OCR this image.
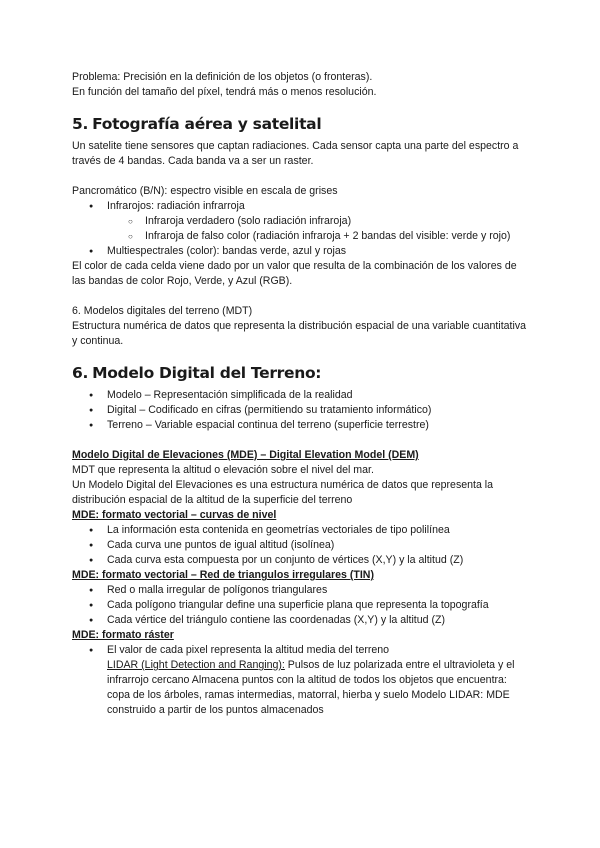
Problema: Precisión en la definición de los objetos (o fronteras).

En función del tamaño del píxel, tendrá más o menos resolución.

5. Fotografía aérea y satelital

Un satelite tiene sensores que captan radiaciones. Cada sensor capta una parte del espectro a través de 4 bandas. Cada banda va a ser un raster.

Pancromático (B/N): espectro visible en escala de grises

● Infrarojos: radiación infrarroja
○ Infraroja verdadero (solo radiación infraroja)
○ Infraroja de falso color (radiación infraroja + 2 bandas del visible: verde y rojo)
● Multiespectrales (color): bandas verde, azul y rojas

El color de cada celda viene dado por un valor que resulta de la combinación de los valores de las bandas de color Rojo, Verde, y Azul (RGB).

6. Modelos digitales del terreno (MDT)

Estructura numérica de datos que representa la distribución espacial de una variable cuantitativa y continua.

6. Modelo Digital del Terreno:
● Modelo – Representación simplificada de la realidad
● Digital – Codificado en cifras (permitiendo su tratamiento informático)
● Terreno – Variable espacial continua del terreno (superficie terrestre)

Modelo Digital de Elevaciones (MDE) – Digital Elevation Model (DEM)

MDT que representa la altitud o elevación sobre el nivel del mar.

Un Modelo Digital del Elevaciones es una estructura numérica de datos que representa la distribución espacial de la altitud de la superficie del terreno

MDE: formato vectorial – curvas de nivel

● La información esta contenida en geometrías vectoriales de tipo polilínea
● Cada curva une puntos de igual altitud (isolínea)
● Cada curva esta compuesta por un conjunto de vértices (X,Y) y la altitud (Z)

MDE: formato vectorial – Red de triangulos irregulares (TIN)

● Red o malla irregular de polígonos triangulares
● Cada polígono triangular define una superficie plana que representa la topografía
● Cada vértice del triángulo contiene las coordenadas (X,Y) y la altitud (Z)

MDE: formato ráster

● El valor de cada pixel representa la altitud media del terreno

LIDAR (Light Detection and Ranging): Pulsos de luz polarizada entre el ultravioleta y el infrarrojo cercano Almacena puntos con la altitud de todos los objetos que encuentra: copa de los árboles, ramas intermedias, matorral, hierba y suelo Modelo LIDAR: MDE construido a partir de los puntos almacenados
